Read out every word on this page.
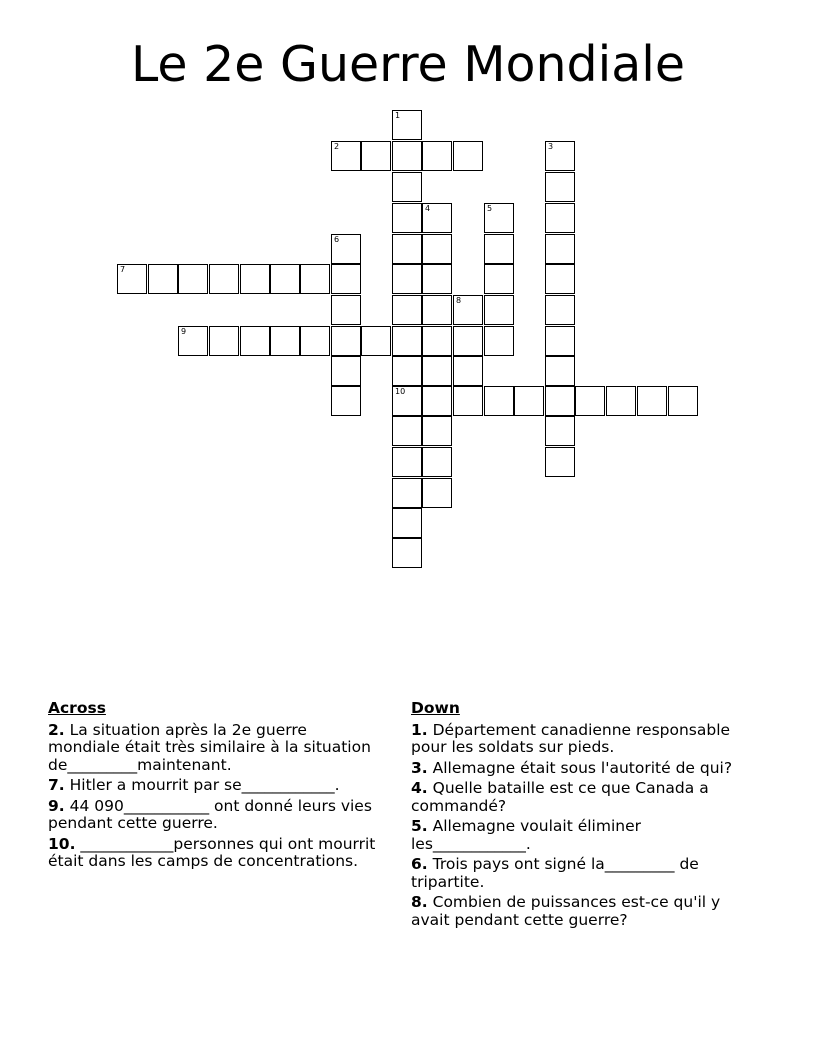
Le 2e Guerre Mondiale
1
10
2	3
4	5
6
7
8
9
Across
2. La situation après la 2e guerre mondiale était très similaire à la situation de_________maintenant.
7. Hitler a mourrit par se____________.
9. 44 090___________ ont donné leurs vies pendant cette guerre.
10. ____________personnes qui ont mourrit était dans les camps de concentrations.
Down
1. Département canadienne responsable pour les soldats sur pieds.
3. Allemagne était sous l'autorité de qui?
4. Quelle bataille est ce que Canada a commandé?
5. Allemagne voulait éliminer les____________.
6. Trois pays ont signé la_________ de tripartite.
8. Combien de puissances est-ce qu'il y avait pendant cette guerre?
